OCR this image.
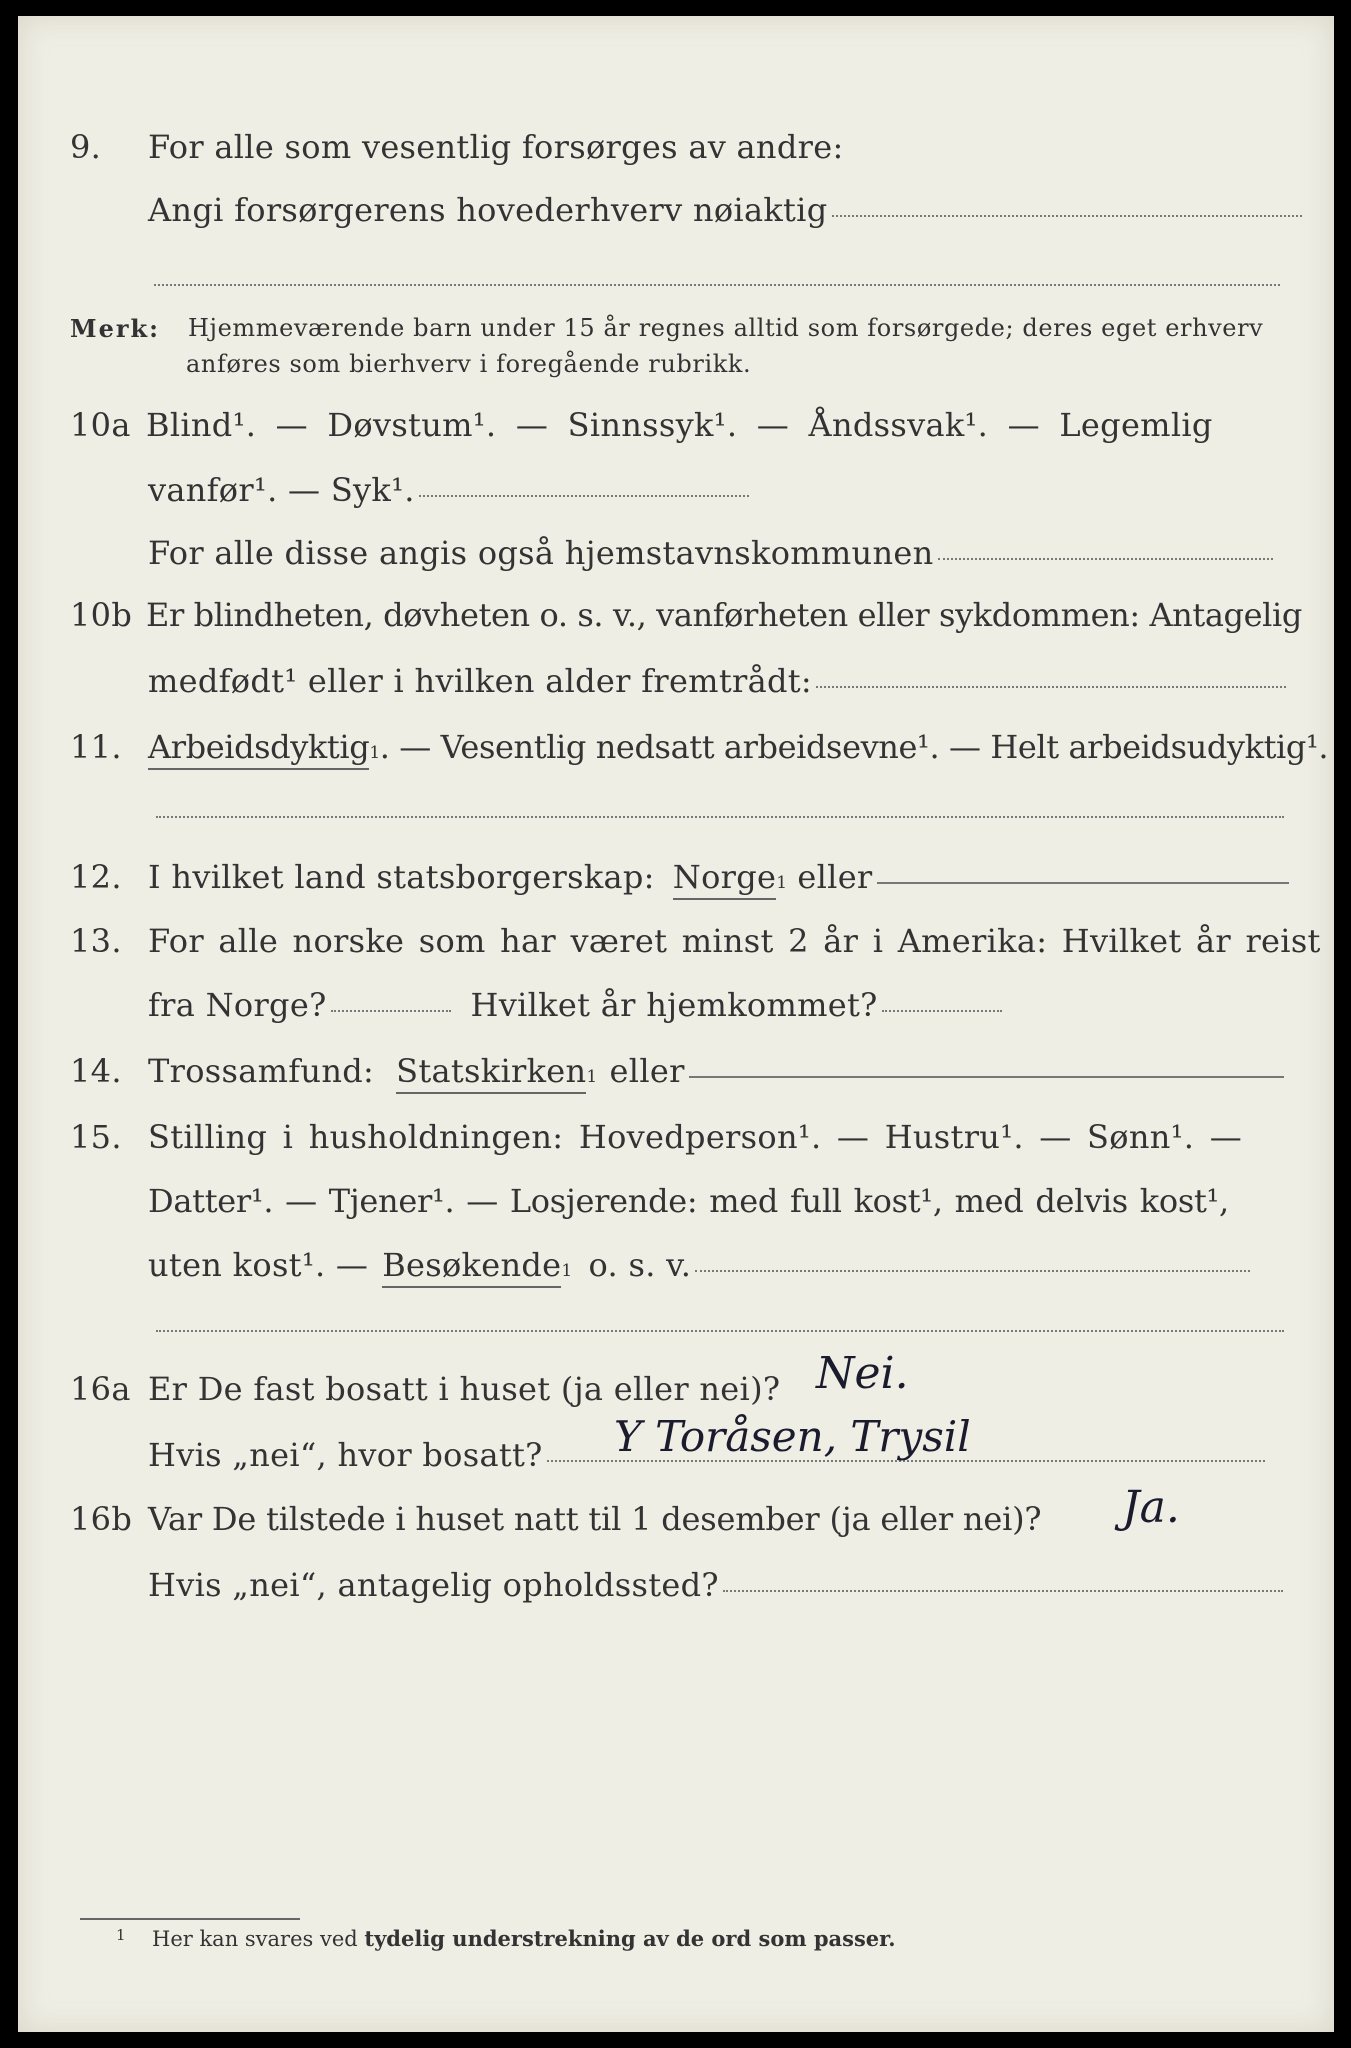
9.	For alle som vesentlig forsørges av andre:
Angi forsørgerens hovederhverv nøiaktig
Merk: Hjemmeværende barn under 15 år regnes alltid som forsørgede; deres eget erhverv
anføres som bierhverv i foregående rubrikk.
10a Blind¹. — Døvstum¹. — Sinnssyk¹. — Åndssvak¹. — Legemlig
vanfør¹. — Syk¹.
For alle disse angis også hjemstavnskommunen
10b Er blindheten, døvheten o. s. v., vanførheten eller sykdommen: Antagelig
medfødt¹ eller i hvilken alder fremtrådt:
11. Arbeidsdyktig 1 . — Vesentlig nedsatt arbeidsevne¹. — Helt arbeidsudyktig¹.
12. I hvilket land statsborgerskap: Norge 1 eller
13. For alle norske som har været minst 2 år i Amerika: Hvilket år reist
fra Norge?	Hvilket år hjemkommet?
14. Trossamfund: Statskirken 1 eller
15. Stilling i husholdningen: Hovedperson¹. — Hustru¹. — Sønn¹. —
Datter¹. — Tjener¹. — Losjerende: med full kost¹, med delvis kost¹,
uten kost¹. — Besøkende 1 o. s. v.
16a Er De fast bosatt i huset (ja eller nei)? Nei.
Hvis „nei“, hvor bosatt? Y Toråsen, Trysil
16b Var De tilstede i huset natt til 1 desember (ja eller nei)? Ja.
Hvis „nei“, antagelig opholdssted?
1 Her kan svares ved tydelig understrekning av de ord som passer.
